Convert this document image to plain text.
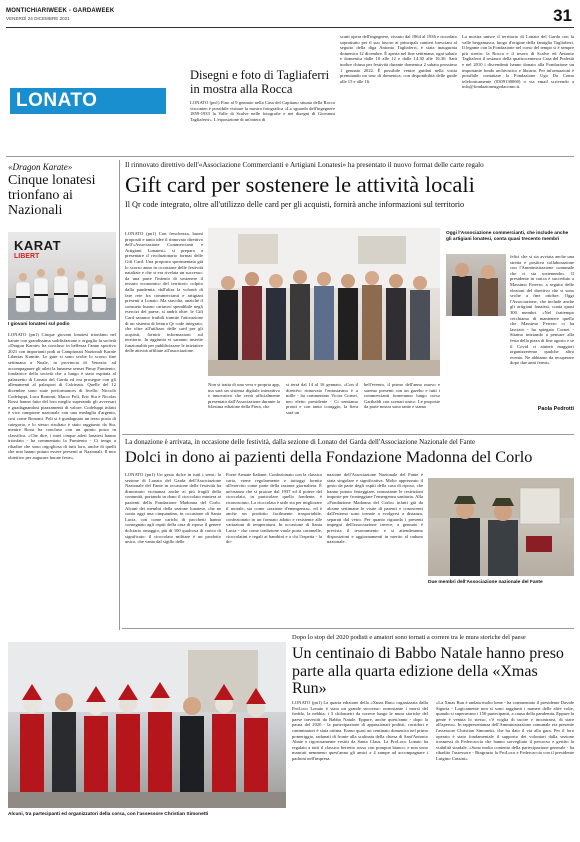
MONTICHIARIWEEK - GARDAWEEK
VENERDÌ 24 DICEMBRE 2021	31
LONATO
Disegni e foto di Tagliaferri in mostra alla Rocca
LONATO (pn1) Fino al 9 gennaio nella Casa del Capitano situata della Rocca visconteo è possibile visitare la mostra fotografica «Lo sguardo dell'ingegnere 1859-1933 la Valle di Scalve nelle fotografie e nei disegni di Giovanni Tagliaferri». L'esposizione di un'intera di
scatti opera dell'ingegnere, vissuto dal 1864 al 1936 e ricordato soprattutto per il suo lavoro ai principali cantieri bresciani al seguito della diga Antonio Tagliaferri, è stata inaugurata domenica 12 dicembre. È aperta nel fine settimana, ogni sabato e domenica dalle 10 alle 12 e dalle 14.30 alle 16.30. Sarà inoltre chiusa per festività durante domenica 2 sabato prossimo 1 gennaio 2022. È possibile venire guidati nella visita prenotando un tour di domenica, con disponibilità delle guide alle 15 e alle 16.
La mostra unisce il territorio di Lonato del Garda con la valle bergamasca, luogo d'origine della famiglia Tagliaferri. Il legame con la Fondazione nel corso del tempo si è sempre più stretto: la Rocca e il tesoro di Scalve ed Antonio Tagliaferri il restauro della quattrocentesca Casa del Podestà e nel 2010 i discendenti hanno donato alla Fondazione un importante fondo archivistico e librario. Per informazioni è possibile contattare la Fondazione Ugo Da Como telefonicamente (0309130060) o via email scrivendo a info@fondazioneugodacomo.it.
«Dragon Karate»
Cinque lonatesi trionfano ai Nazionali
KARAT
LIBERT
I giovani lonatesi sul podio
LONATO (pn1) Cinque giovani lonatesi trionfano nel karate con grandissima soddisfazione e orgoglio la società «Dragon Karate» ha concluso in bellezza l'anno sportivo 2021 con importanti podi ai Campionati Nazionali Karate Libertas Kumite. Le gare si sono svolte lo scorso fine settimana a Noale, in provincia di Venezia: ad accompagnare gli atleti la lunatese sensei Pinuy Fumiento, fondatrice della società che a lungo è stata ospitata al palazzetto di Lonato del Garda ed ora prosegue con gli allenamenti al palasport di Calcinato. Quelle del 12 dicembre sono state performances di livello: Niccolò Codeluppi, Luca Bonomi, Marco Poli, Eric Siu e Nicolas Rossi hanno fatto del loro meglio superando gli avversari e guadagnandosi piazzamenti di valore. Codeluppi infatti è vice campione nazionale con una medaglia d'argento, così come Bonomi. Poli si è guadagnato un terzo posto di categoria, e lo stesso risultato è stato raggiunto da Siu, mentre Rossi ha concluso con un quinto posto in classifica. «Che dire, i miei cinque atleti lonatesi hanno trionfato - ha commentato la Fumiento - Ci tengo a ribadire che sono orgogliosa di tutti loro, anche di quelli che non hanno potuto essere presenti ai Nazionali. Il mio obiettivo per augurare buone feste».
Il rinnovato direttivo dell'«Associazione Commercianti e Artigiani Lonatesi» ha presentato il nuovo format delle carte regalo
Gift card per sostenere le attività locali
Il Qr code integrato, oltre all'utilizzo delle card per gli acquisti, fornirà anche informazioni sul territorio
LONATO (pn1) Con freschezza, buoni propositi e tanto idee il rinnovato direttivo dell'«Associazione Commercianti e Artigiani Lonatesi» si prepara a presentare il rivoluzionario format delle Gift Card. Una proposta sperimentata già lo scorso anno in occasione delle festività natalizie e che si era rivelata un successo: da una parte l'intento di sostenere il tessuto economico del territorio colpito dalla pandemia, dall'altra la volontà di fare rete fra commercianti e artigiani presenti a Lonato. Ma stavolta, anziché il consueto buono cartaceo spendibile negli esercizi del paese, si andrà oltre: le Gift Card saranno fruibili tramite l'attivazione di un sistema di lettura Qr code integrato, che oltre all'utilizzo delle card per gli acquisti, fornirà informazioni sul territorio. In aggiunta vi saranno inserite funzionalità per pubblicizzare le iniziative delle attività affiliate all'associazione.
Non si tratta di una vera e propria app, ma sarà un sistema digitale interattivo e innovativo che verrà ufficialmente presentato dall'Associazione durante la 64esima edizione della Fiera, che
si terrà dal 14 al 16 gennaio. «Con il direttivo rinnovato l'entusiasmo è a mille - ha commentato Victor Cornei, neo eletto presidente - Ci sentiamo pronti e con tanto coraggio, la fiera sarà un
bell'evento, il primo dell'anno nuovo e saremo presenti con un gazebo e tutti i commercianti forneranno lungo corso Garibaldi con scenari unico. Le proposte da parte nostra sono tante e siamo
Oggi l'Associazione commercianti, che include anche gli artigiani lonatesi, conta quasi trecento membri
felici che si sia avviata anche una stretta e positiva collaborazione con l'Amministrazione comunale che ci sta sostenendo». Il presidente in carica è succeduto a Massimo Ferrero, a seguito delle elezioni del direttivo che si sono svolte a fine ottobre. Oggi l'Associazione, che include anche gli artigiani lonatesi, conta quasi 300 membri. «Nel frattempo cerchiamo di mantenere quello che Massimo Ferrero ci ha lasciato - ha spiegato Cornei - Stiamo iniziando a pensare alla festa della pizza di fine agosto e se il Covid ci aiuterà maggiori organizzeremo qualche altro evento. Ne abbiamo da recuperare dopo due anni fermi».
Paola Pedrotti
La donazione è arrivata, in occasione delle festività, dalla sezione di Lonato del Garda dell'Associazione Nazionale del Fante
Dolci in dono ai pazienti della Fondazione Madonna del Corlo
LONATO (pn1) Un gesto dolce in tutti i sensi: la sezione di Lonato del Garda dell'Associazione Nazionale del Fante in occasione delle festività ha dimostrato vicinanza anche ai più fragili della comunità, portando in dono il cioccolato miniera ai pazienti della Fondazione Madonna del Corlo. Alcuni dei membri della sezione lonatese, che ne conta oggi una cinquantina, in occasione di Santa Lucia, con come carichi di pacchetti hanno consegnato agli ospiti della casa di riposo il genere dolciario omaggio, più di 100 qualcosa di carico di significato: il cioccolato militare è un prodotto unico, che vanta dal sigillo delle
Forze Armate Italiane. Confezionato con la classica carta, viene regolarmente e tuttoggi fornito all'esercito come parte della razione giornaliera. È un'usanza che si protrae dal 1937 ed il potere del cioccolato, in particolare quello fondente, è riconosciuto. La cioccolata è utile sia per migliorare il morale, sia come «razione d'emergenza», ed è anche un prodotto facilmente trasportabile, confezionato in un formato adatto e resistente alle variazioni di temperatura. In occasione di Santa Lucia - che come tradizione vuole porta caramelle, cioccolatini e regali ai bambini e a chi l'aspetta - la do-
nazione dell'Associazione Nazionale del Fante è stata singolare e significativa. Molto apprezzato il gesto da parte degli ospiti della casa di riposo, che hanno potuto festeggiare, nonostante le restrizioni imposte per fronteggiare l'emergenza sanitaria. Alla «Fondazione Madonna del Corlo» infatti già da alcune settimane le visite di parenti e conoscenti dall'esterno sono tornate a svolgersi a distanza, separati dal vetro. Per quanto riguarda i presenti impegni dell'associazione invece, a gennaio è prevista il tesseramento e si attenderanno disposizioni e aggiornamenti in merito al raduno nazionale.
Due membri dell'Associazione nazionale del Fante
Alcuni, tra partecipanti ed organizzatori della corsa, con l'assessore Christian Simonetti
Dopo lo stop del 2020 podisti e amatori sono tornati a correre tra le mura storiche del paese
Un centinaio di Babbo Natale hanno preso parte alla quarta edizione della «Xmas Run»
LONATO (pn1) La quarta edizione della «Xmas Run» organizzata dalla ProLoco Lonato è stata un grande successo: nonostante i morsi del freddo, la nebbia, i 3 chilometri da correre lungo le mura storiche del paese travestiti da Babbo Natale. Eppure, anche quest'anno - dopo la pausa del 2020 - la partecipazione di appassionati podisti, corridori e camminatori è stata ottima. Erano quasi un centinaio domenica nel primo pomeriggio, radunati di fronte alla scalinata della chiesa di Sant'Antonio Abate e rigorosamente vestiti da Santa Claus. La ProLoco Lonato ha regalato a tutti il classico berretto rosso con pompon bianco, e non sono mancati nemmeno quest'anno gli amici a 4 zampe ad accompagnare i padroni nell'impresa.
«La Xmas Run è andata molto bene - ha commentato il presidente Davide Siguria - Logicamente non si sono raggiunti i numeri delle altre volte, quando si superavano i 150 partecipanti, a causa della pandemia. Eppure la gente è venuta lo stesso, c'è voglia di uscire e incontrarsi, di stare all'aperto». In rappresentanza dell'Amministrazione comunale era presente l'assessore Christian Simonetti, che ha dato il via alla gara. Per il loro operato è stato fondamentale il supporto dei volontari dalla sezione trasmessi di Federcaccia che hanno sorvegliato il percorso e gestito la viabilità stradale. «Sono molto contento della partecipazione generale - ha ribadito l'assessore - Ringrazio la ProLoco e Federcaccia con il presidente Luigino Cassini».
